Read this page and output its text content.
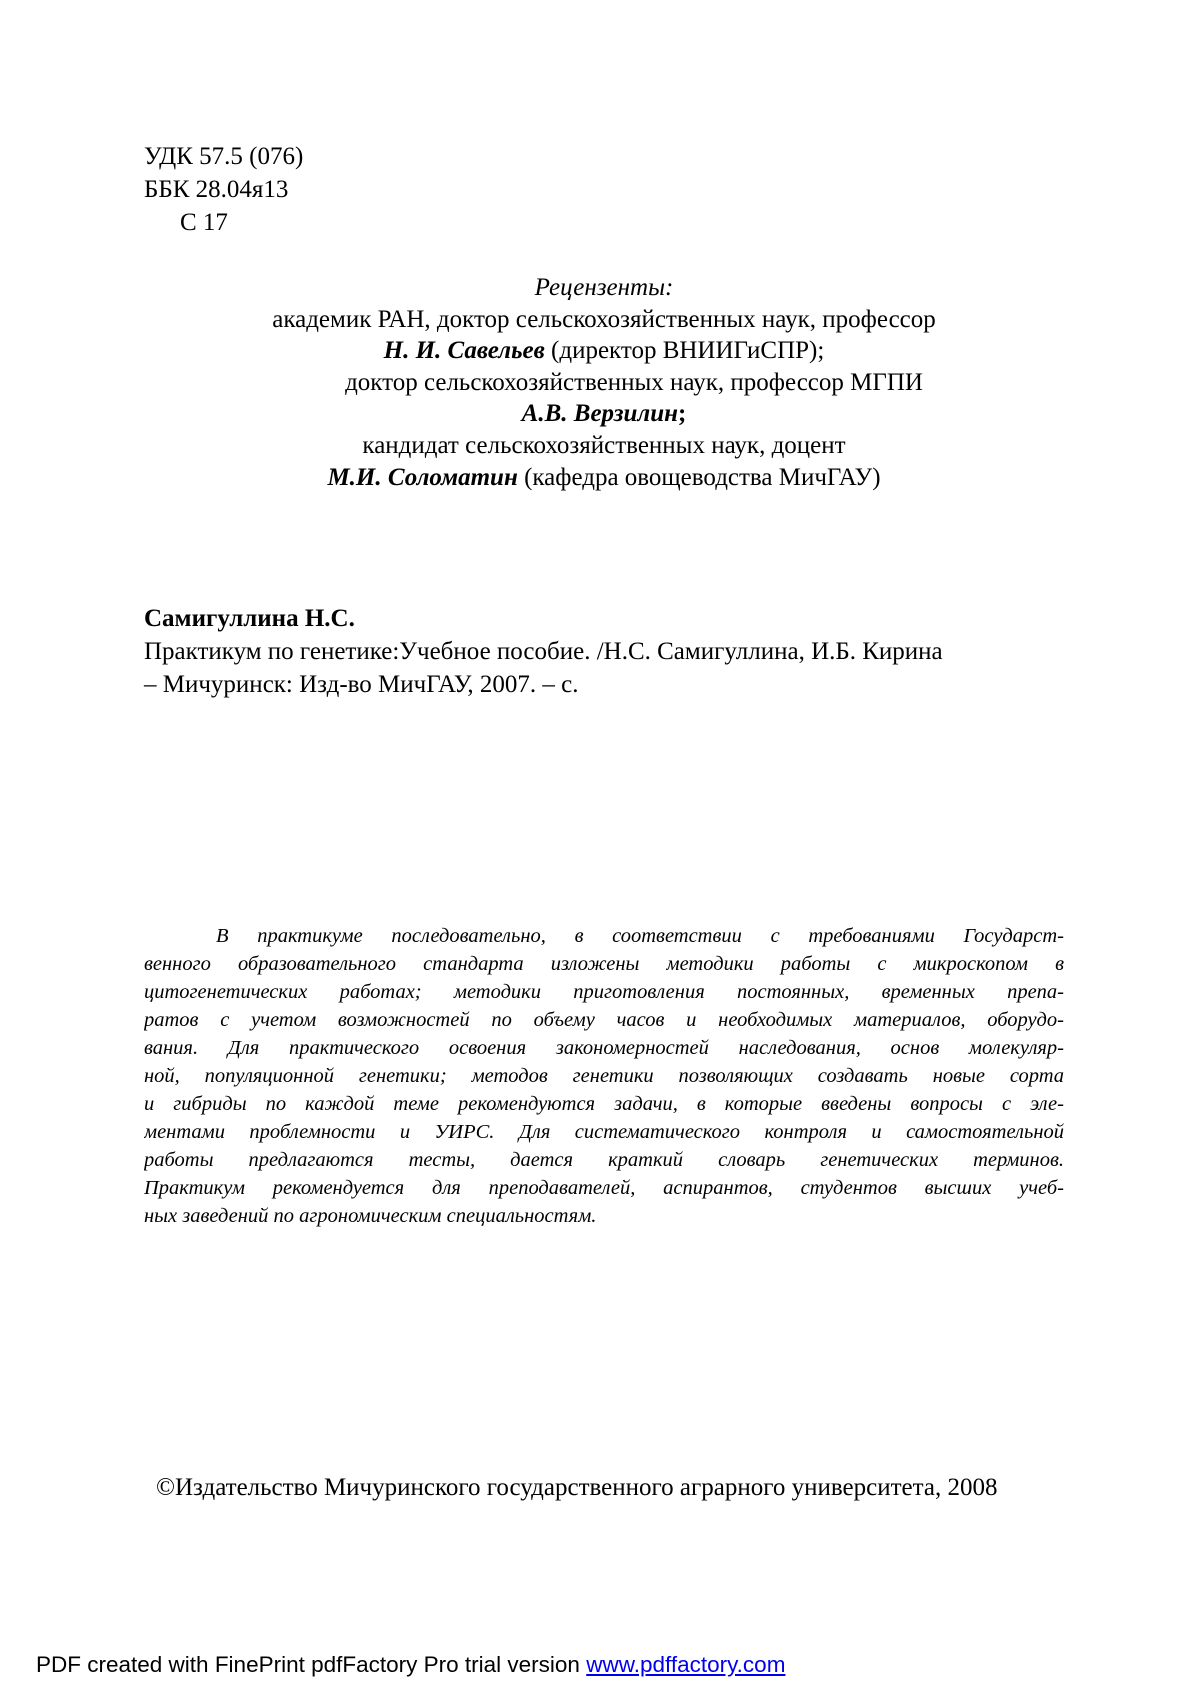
УДК 57.5 (076)
ББК 28.04я13
С 17
Рецензенты:
академик РАН, доктор сельскохозяйственных наук, профессор
Н. И. Савельев (директор ВНИИГиСПР);
доктор сельскохозяйственных наук, профессор МГПИ
А.В. Верзилин;
кандидат сельскохозяйственных наук, доцент
М.И. Соломатин (кафедра овощеводства МичГАУ)
Самигуллина Н.С.
Практикум по генетике:Учебное пособие. /Н.С. Самигуллина, И.Б. Кирина
– Мичуринск: Изд-во МичГАУ, 2007. – с.
В практикуме последовательно, в соответствии с требованиями Государст-
венного образовательного стандарта изложены методики работы с микроскопом в
цитогенетических работах; методики приготовления постоянных, временных препа-
ратов с учетом возможностей по объему часов и необходимых материалов, оборудо-
вания. Для практического освоения закономерностей наследования, основ молекуляр-
ной, популяционной генетики; методов генетики позволяющих создавать новые сорта
и гибриды по каждой теме рекомендуются задачи, в которые введены вопросы с эле-
ментами проблемности и УИРС. Для систематического контроля и самостоятельной
работы предлагаются тесты, дается краткий словарь генетических терминов.
Практикум рекомендуется для преподавателей, аспирантов, студентов высших учеб-
ных заведений по агрономическим специальностям.
©Издательство Мичуринского государственного аграрного университета, 2008
PDF created with FinePrint pdfFactory Pro trial version www.pdffactory.com
